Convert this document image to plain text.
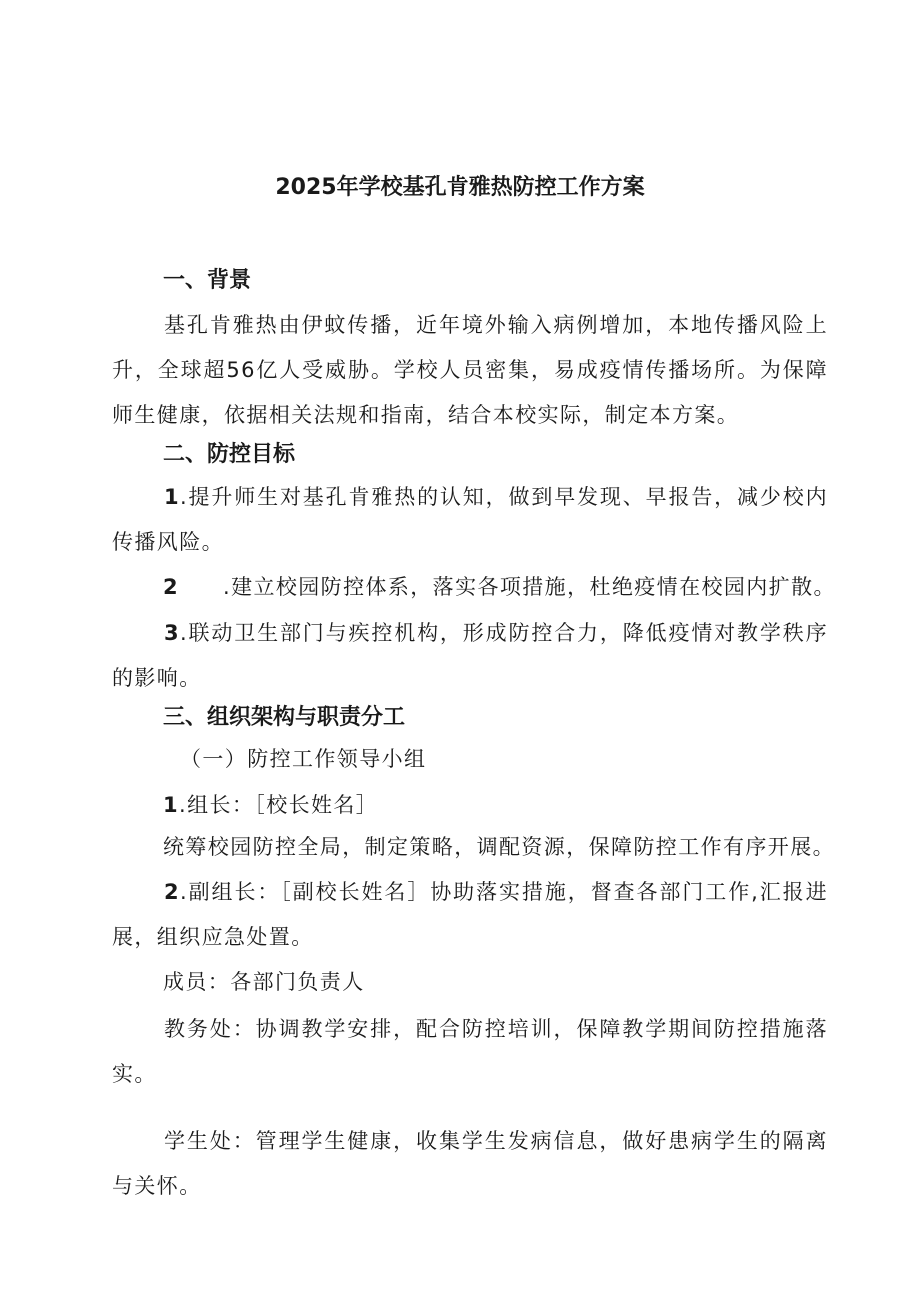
2025年学校基孔肯雅热防控工作方案
一、背景
基孔肯雅热由伊蚊传播，近年境外输入病例增加，本地传播风险上升，全球超56亿人受威胁。学校人员密集，易成疫情传播场所。为保障师生健康，依据相关法规和指南，结合本校实际，制定本方案。
二、防控目标
1.提升师生对基孔肯雅热的认知，做到早发现、早报告，减少校内传播风险。
2 .建立校园防控体系，落实各项措施，杜绝疫情在校园内扩散。
3.联动卫生部门与疾控机构，形成防控合力，降低疫情对教学秩序的影响。
三、组织架构与职责分工
（一）防控工作领导小组
1.组长：［校长姓名］
统筹校园防控全局，制定策略，调配资源，保障防控工作有序开展。
2.副组长：［副校长姓名］协助落实措施，督查各部门工作,汇报进展，组织应急处置。
成员：各部门负责人
教务处：协调教学安排，配合防控培训，保障教学期间防控措施落实。
学生处：管理学生健康，收集学生发病信息，做好患病学生的隔离与关怀。
